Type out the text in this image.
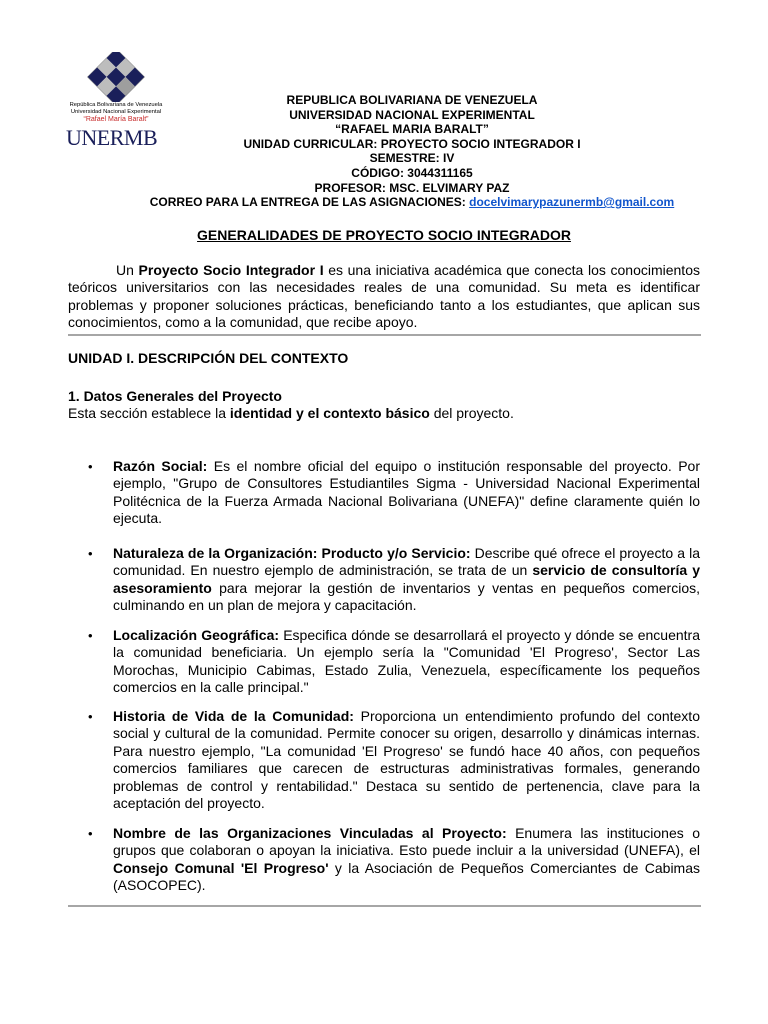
República Bolivariana de Venezuela
Universidad Nacional Experimental
“Rafael María Baralt”
UNERMB
REPUBLICA BOLIVARIANA DE VENEZUELA
UNIVERSIDAD NACIONAL EXPERIMENTAL
“RAFAEL MARIA BARALT”
UNIDAD CURRICULAR: PROYECTO SOCIO INTEGRADOR I
SEMESTRE: IV
CÓDIGO: 3044311165
PROFESOR: MSC. ELVIMARY PAZ
CORREO PARA LA ENTREGA DE LAS ASIGNACIONES: docelvimarypazunermb@gmail.com
GENERALIDADES DE PROYECTO SOCIO INTEGRADOR
Un Proyecto Socio Integrador I es una iniciativa académica que conecta los conocimientos teóricos universitarios con las necesidades reales de una comunidad. Su meta es identificar problemas y proponer soluciones prácticas, beneficiando tanto a los estudiantes, que aplican sus conocimientos, como a la comunidad, que recibe apoyo.
UNIDAD I. DESCRIPCIÓN DEL CONTEXTO
1. Datos Generales del Proyecto
Esta sección establece la identidad y el contexto básico del proyecto.
• Razón Social: Es el nombre oficial del equipo o institución responsable del proyecto. Por ejemplo, "Grupo de Consultores Estudiantiles Sigma - Universidad Nacional Experimental Politécnica de la Fuerza Armada Nacional Bolivariana (UNEFA)" define claramente quién lo ejecuta.
• Naturaleza de la Organización: Producto y/o Servicio: Describe qué ofrece el proyecto a la comunidad. En nuestro ejemplo de administración, se trata de un servicio de consultoría y asesoramiento para mejorar la gestión de inventarios y ventas en pequeños comercios, culminando en un plan de mejora y capacitación.
• Localización Geográfica: Especifica dónde se desarrollará el proyecto y dónde se encuentra la comunidad beneficiaria. Un ejemplo sería la "Comunidad 'El Progreso', Sector Las Morochas, Municipio Cabimas, Estado Zulia, Venezuela, específicamente los pequeños comercios en la calle principal."
• Historia de Vida de la Comunidad: Proporciona un entendimiento profundo del contexto social y cultural de la comunidad. Permite conocer su origen, desarrollo y dinámicas internas. Para nuestro ejemplo, "La comunidad 'El Progreso' se fundó hace 40 años, con pequeños comercios familiares que carecen de estructuras administrativas formales, generando problemas de control y rentabilidad." Destaca su sentido de pertenencia, clave para la aceptación del proyecto.
• Nombre de las Organizaciones Vinculadas al Proyecto: Enumera las instituciones o grupos que colaboran o apoyan la iniciativa. Esto puede incluir a la universidad (UNEFA), el Consejo Comunal 'El Progreso' y la Asociación de Pequeños Comerciantes de Cabimas (ASOCOPEC).
